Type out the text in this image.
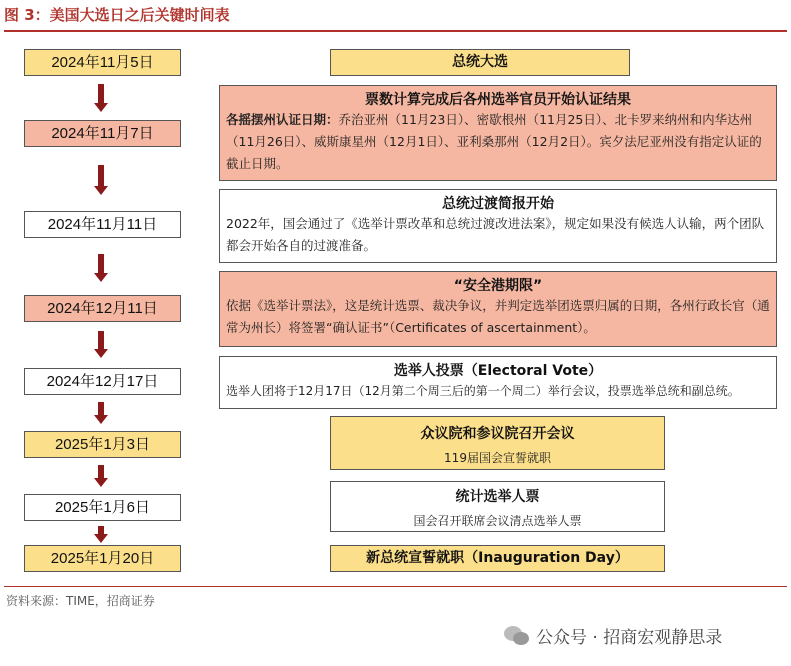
图 3：美国大选日之后关键时间表
2024年11月5日
2024年11月7日
2024年11月11日
2024年12月11日
2024年12月17日
2025年1月3日
2025年1月6日
2025年1月20日
总统大选
票数计算完成后各州选举官员开始认证结果
各摇摆州认证日期：乔治亚州（11月23日）、密歇根州（11月25日）、北卡罗来纳州和内华达州（11月26日）、威斯康星州（12月1日）、亚利桑那州（12月2日）。宾夕法尼亚州没有指定认证的截止日期。
总统过渡简报开始
2022年，国会通过了《选举计票改革和总统过渡改进法案》，规定如果没有候选人认输，两个团队都会开始各自的过渡准备。
“安全港期限”
依据《选举计票法》，这是统计选票、裁决争议，并判定选举团选票归属的日期，各州行政长官（通常为州长）将签署“确认证书”（Certificates of ascertainment）。
选举人投票（Electoral Vote）
选举人团将于12月17日（12月第二个周三后的第一个周二）举行会议，投票选举总统和副总统。
众议院和参议院召开会议
119届国会宣誓就职
统计选举人票
国会召开联席会议清点选举人票
新总统宣誓就职（Inauguration Day）
资料来源：TIME，招商证券
公众号 · 招商宏观静思录
